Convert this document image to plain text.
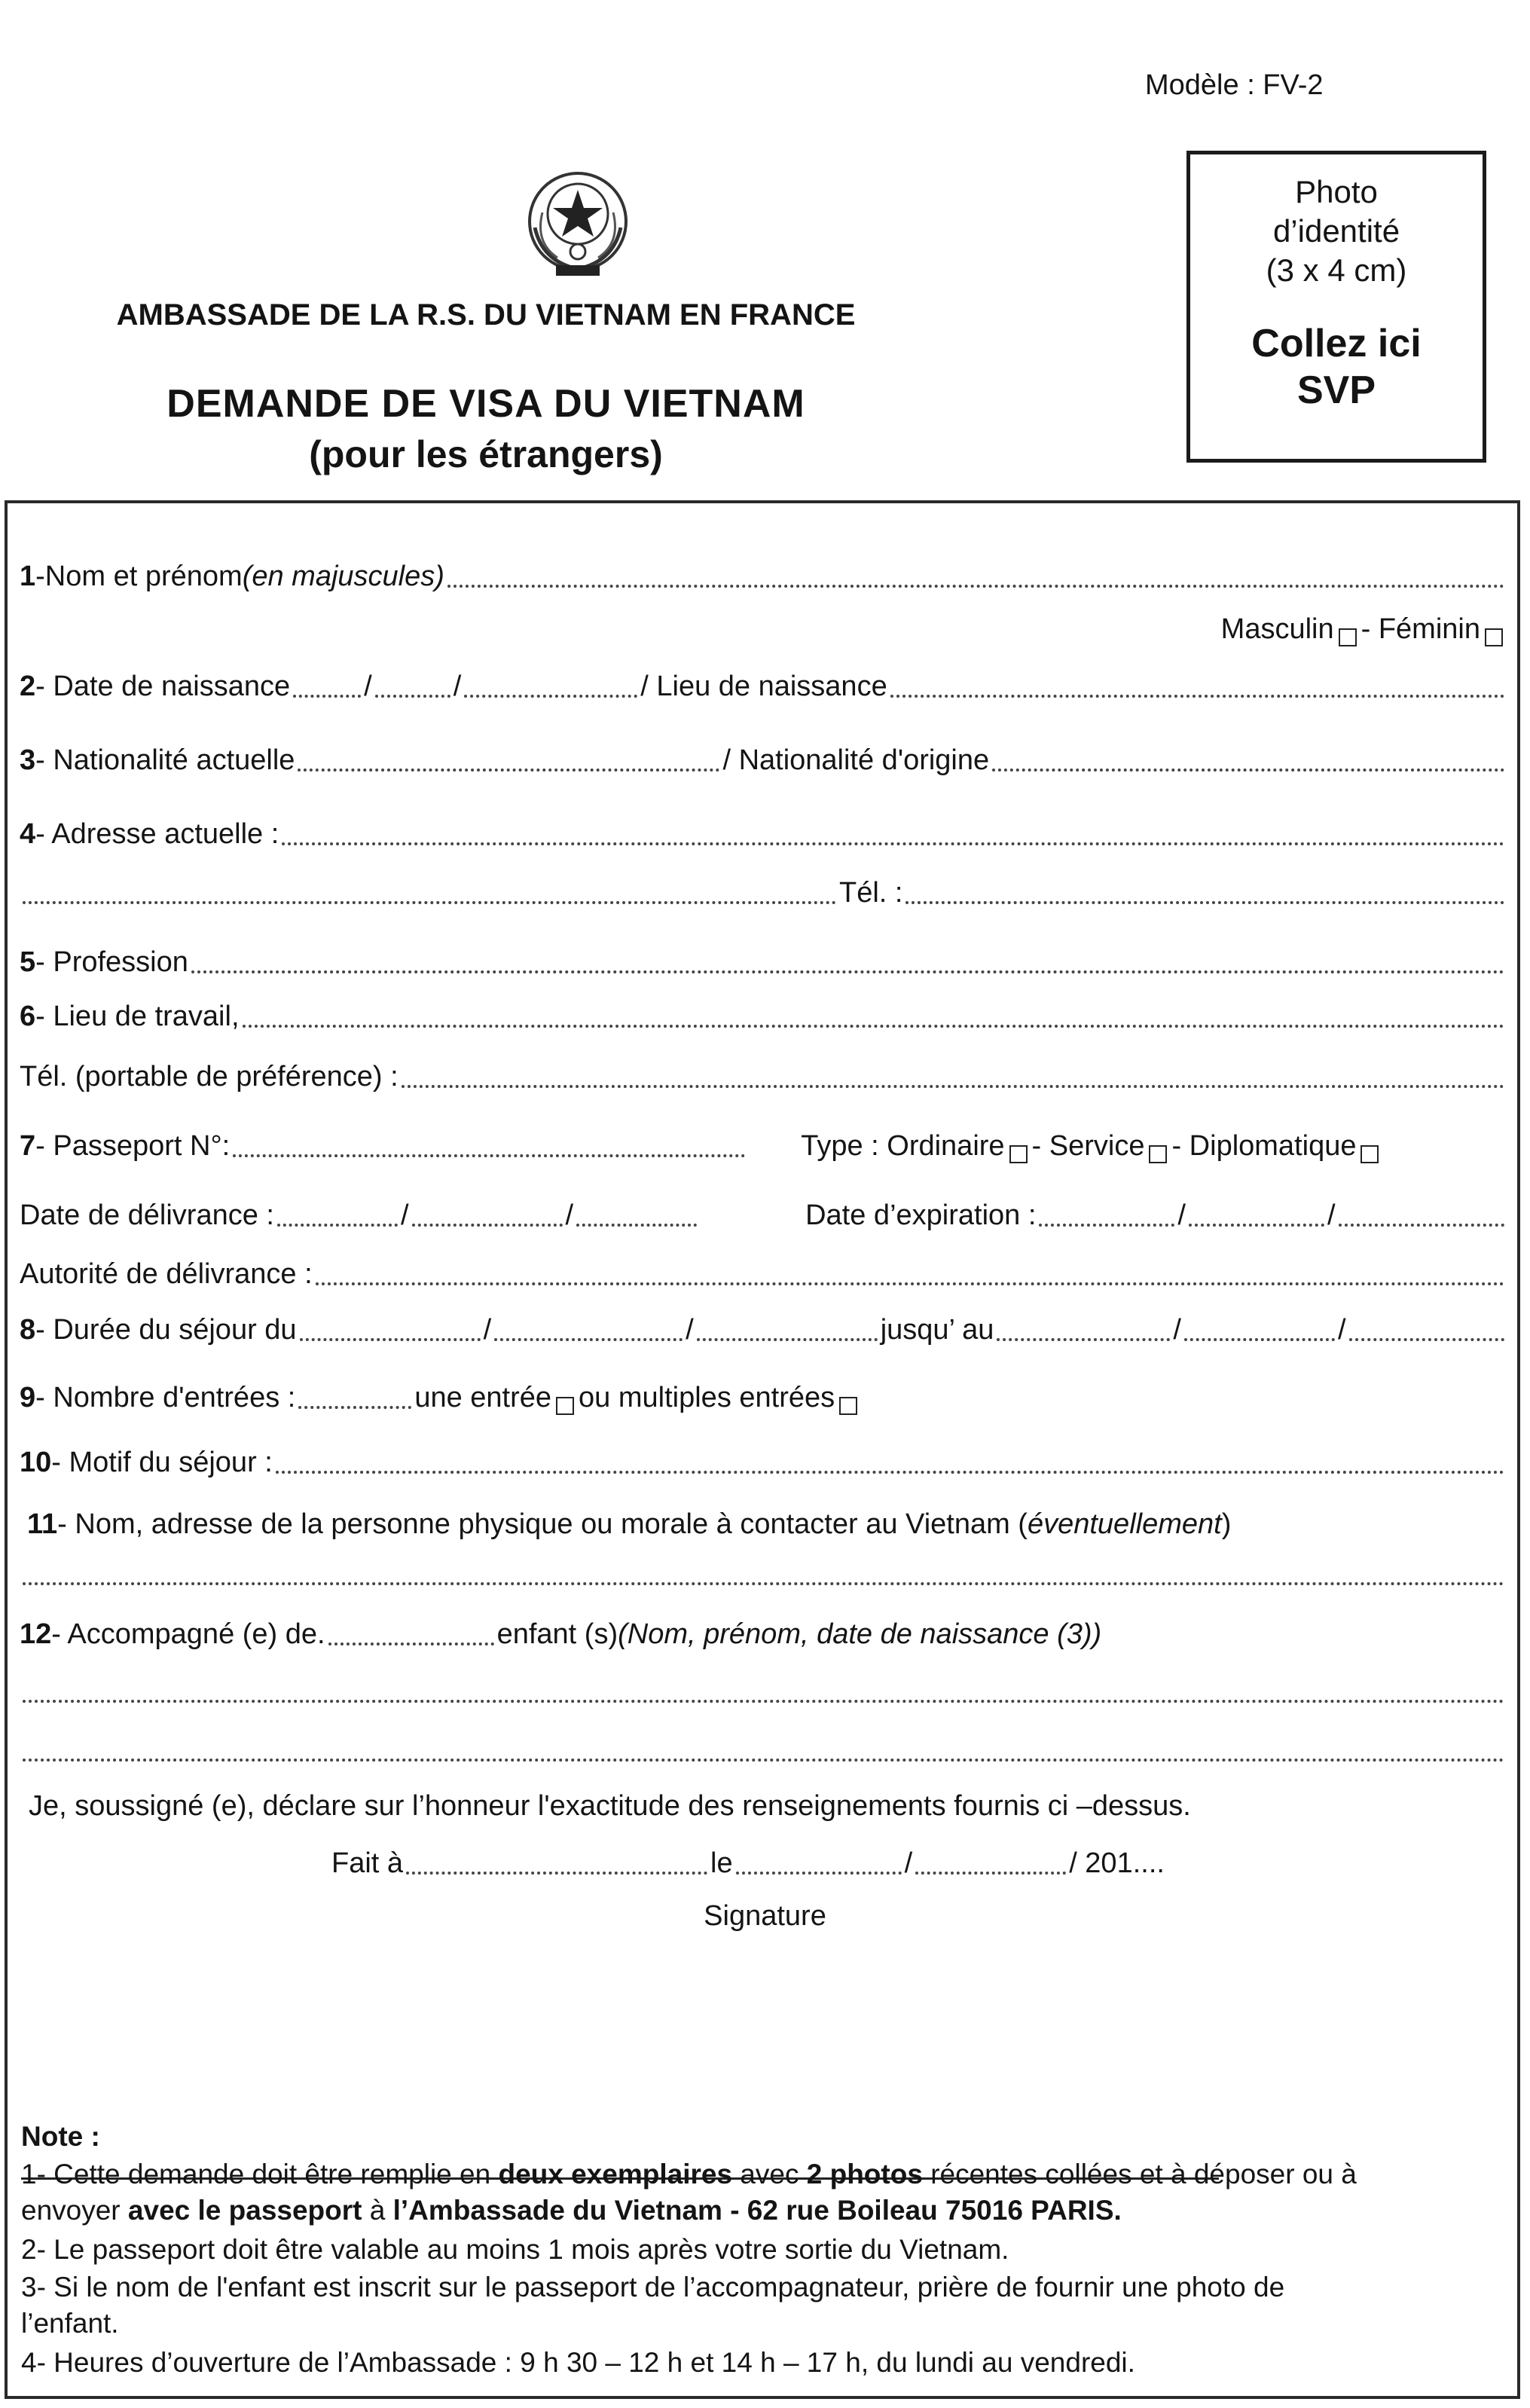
Modèle : FV-2
Photo
d’identité
(3 x 4 cm)
Collez ici
SVP
AMBASSADE DE LA R.S. DU VIETNAM EN FRANCE
DEMANDE DE VISA DU VIETNAM
(pour les étrangers)
1 -Nom et prénom (en majuscules)
Masculin - Féminin
2 - Date de naissance	/	/	/ Lieu de naissance
3 - Nationalité actuelle	/ Nationalité d'origine
4 - Adresse actuelle :
Tél. :
5 - Profession
6 - Lieu de travail,
Tél. (portable de préférence) :
7 - Passeport N°:	Type : Ordinaire - Service - Diplomatique
Date de délivrance :	/	/	Date d’expiration :	/	/
Autorité de délivrance :
8 - Durée du séjour du	/	/	jusqu’ au	/	/
9 - Nombre d'entrées :	une entrée ou multiples entrées
10 - Motif du séjour :
11 - Nom, adresse de la personne physique ou morale à contacter au Vietnam ( éventuellement )
12 - Accompagné (e) de.	enfant (s) (Nom, prénom, date de naissance (3))
Je, soussigné (e), déclare sur l’honneur l'exactitude des renseignements fournis ci –dessus.
Fait à	le	/	/ 201....
Signature
Note :
1- Cette demande doit être remplie en deux exemplaires avec 2 photos récentes collées et à déposer ou à
envoyer avec le passeport à l’Ambassade du Vietnam - 62 rue Boileau 75016 PARIS.
2- Le passeport doit être valable au moins 1 mois après votre sortie du Vietnam.
3- Si le nom de l'enfant est inscrit sur le passeport de l’accompagnateur, prière de fournir une photo de
l’enfant.
4- Heures d’ouverture de l’Ambassade : 9 h 30 – 12 h et 14 h – 17 h, du lundi au vendredi.
